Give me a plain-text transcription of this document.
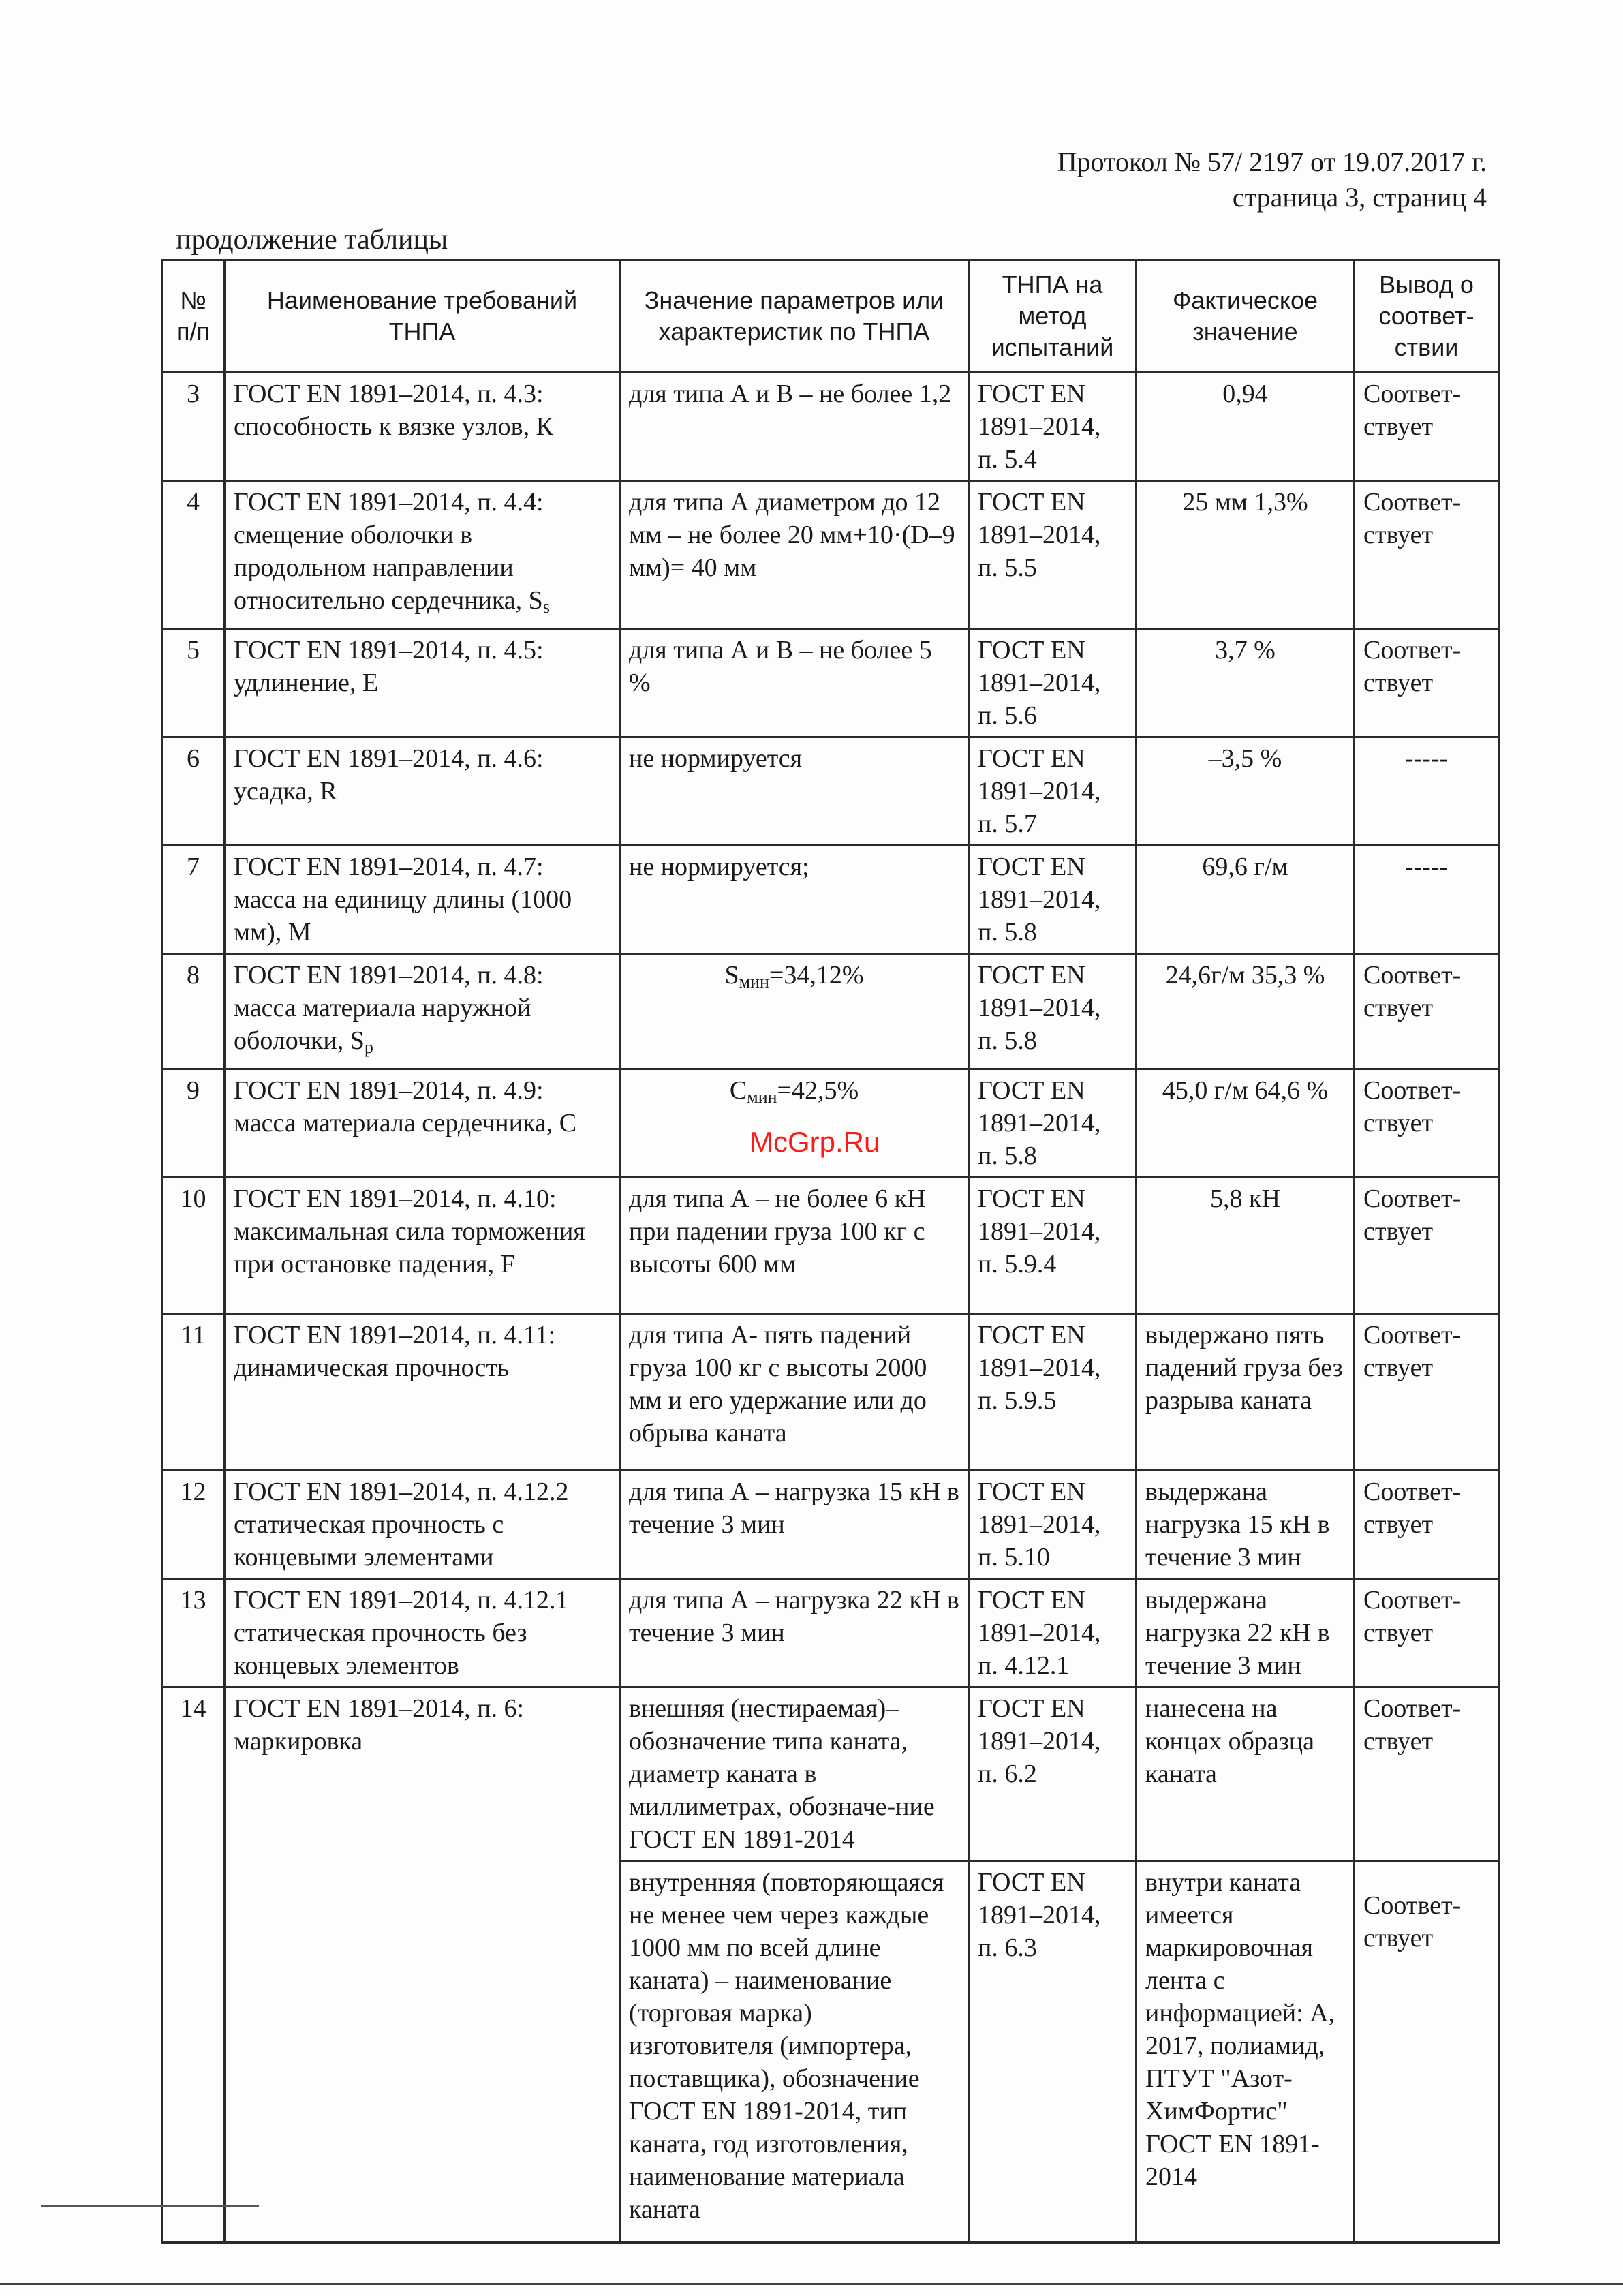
Протокол № 57/ 2197 от 19.07.2017 г.
страница 3, страниц 4
продолжение таблицы
№ п/п	Наименование требований ТНПА	Значение параметров или характеристик по ТНПА	ТНПА на метод испытаний	Фактическое значение	Вывод о соответ-ствии
3	ГОСТ EN 1891–2014, п. 4.3: способность к вязке узлов, К	для типа А и В – не более 1,2	ГОСТ EN 1891–2014, п. 5.4	0,94	Соответ-ствует
4	ГОСТ EN 1891–2014, п. 4.4: смещение оболочки в продольном направлении относительно сердечника, $S_s$	для типа А диаметром до 12 мм – не более 20 мм+10·(D–9 мм)= 40 мм	ГОСТ EN 1891–2014, п. 5.5	25 мм 1,3%	Соответ-ствует
5	ГОСТ EN 1891–2014, п. 4.5: удлинение, Е	для типа А и В – не более 5 %	ГОСТ EN 1891–2014, п. 5.6	3,7 %	Соответ-ствует
6	ГОСТ EN 1891–2014, п. 4.6: усадка, R	не нормируется	ГОСТ EN 1891–2014, п. 5.7	–3,5 %	-----
7	ГОСТ EN 1891–2014, п. 4.7: масса на единицу длины (1000 мм), М	не нормируется;	ГОСТ EN 1891–2014, п. 5.8	69,6 г/м	-----
8	ГОСТ EN 1891–2014, п. 4.8: масса материала наружной оболочки, $S_p$	$S_{мин}=34,12\%$	ГОСТ EN 1891–2014, п. 5.8	24,6г/м 35,3 %	Соответ-ствует
9	ГОСТ EN 1891–2014, п. 4.9: масса материала сердечника, С	$С_{мин}=42,5\%$	ГОСТ EN 1891–2014, п. 5.8	45,0 г/м 64,6 %	Соответ-ствует
10	ГОСТ EN 1891–2014, п. 4.10: максимальная сила торможения при остановке падения, F	для типа А – не более 6 кН при падении груза 100 кг с высоты 600 мм	ГОСТ EN 1891–2014, п. 5.9.4	5,8 кН	Соответ-ствует
11	ГОСТ EN 1891–2014, п. 4.11: динамическая прочность	для типа А- пять падений груза 100 кг с высоты 2000 мм и его удержание или до обрыва каната	ГОСТ EN 1891–2014, п. 5.9.5	выдержано пять падений груза без разрыва каната	Соответ-ствует
12	ГОСТ EN 1891–2014, п. 4.12.2 статическая прочность с концевыми элементами	для типа А – нагрузка 15 кН в течение 3 мин	ГОСТ EN 1891–2014, п. 5.10	выдержана нагрузка 15 кН в течение 3 мин	Соответ-ствует
13	ГОСТ EN 1891–2014, п. 4.12.1 статическая прочность без концевых элементов	для типа А – нагрузка 22 кН в течение 3 мин	ГОСТ EN 1891–2014, п. 4.12.1	выдержана нагрузка 22 кН в течение 3 мин	Соответ-ствует
14	ГОСТ EN 1891–2014, п. 6: маркировка	внешняя (нестираемая)–обозначение типа каната, диаметр каната в миллиметрах, обозначе-ние ГОСТ EN 1891-2014	ГОСТ EN 1891–2014, п. 6.2	нанесена на концах образца каната	Соответ-ствует
		внутренняя (повторяющаяся не менее чем через каждые 1000 мм по всей длине каната) – наименование (торговая марка) изготовителя (импортера, поставщика), обозначение ГОСТ EN 1891-2014, тип каната, год изготовления, наименование материала каната	ГОСТ EN 1891–2014, п. 6.3	внутри каната имеется маркировочная лента с информацией: А, 2017, полиамид, ПТУТ "Азот-ХимФортис" ГОСТ EN 1891-2014	Соответ-ствует
McGrp.Ru
